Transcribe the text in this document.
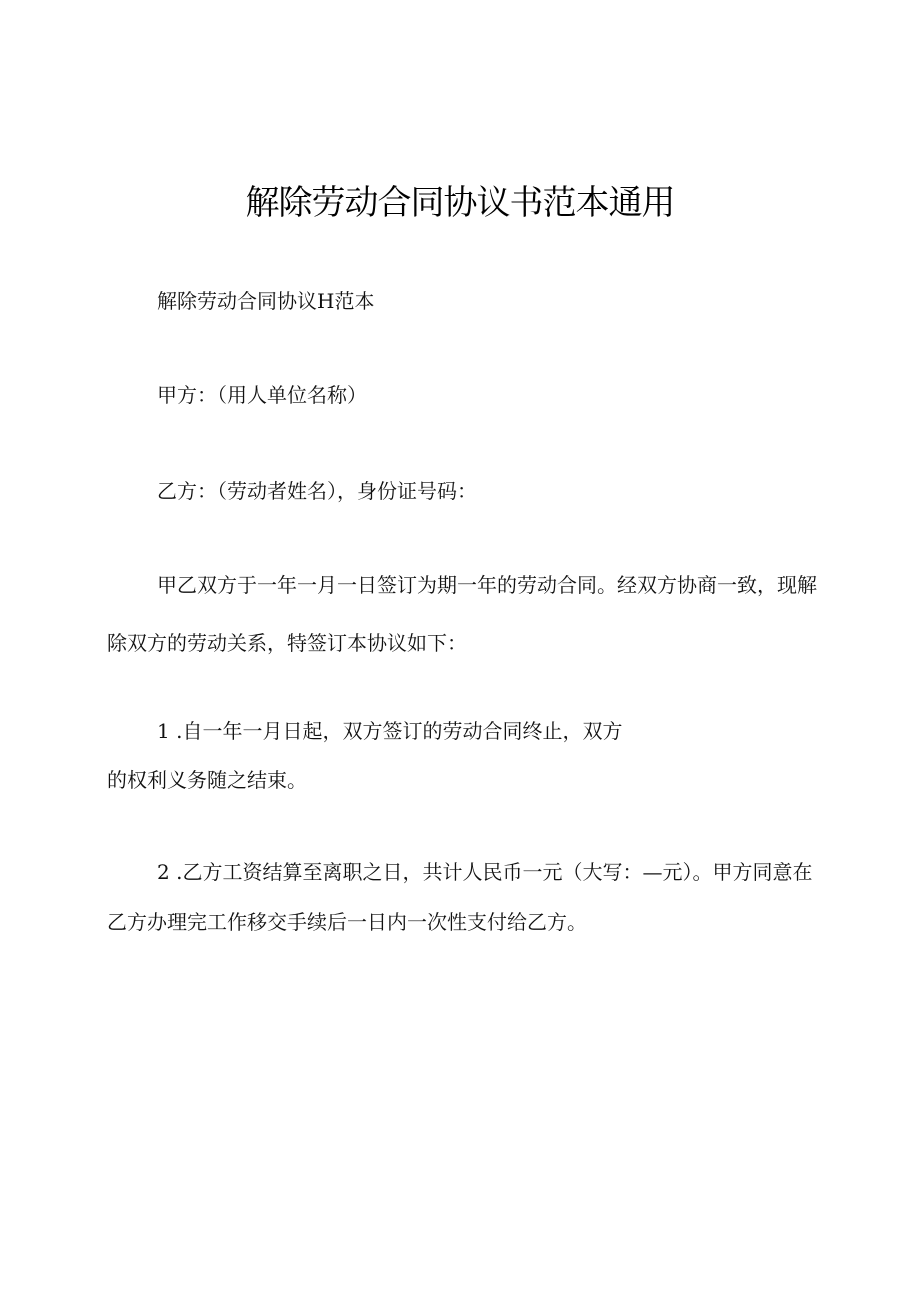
解除劳动合同协议书范本通用
解除劳动合同协议H范本
甲方：（用人单位名称）
乙方：（劳动者姓名），身份证号码：
甲乙双方于一年一月一日签订为期一年的劳动合同。经双方协商一致，现解
除双方的劳动关系，特签订本协议如下：
1 .自一年一月日起，双方签订的劳动合同终止，双方
的权利义务随之结束。
2 .乙方工资结算至离职之日，共计人民币一元（大写：—元）。甲方同意在
乙方办理完工作移交手续后一日内一次性支付给乙方。
